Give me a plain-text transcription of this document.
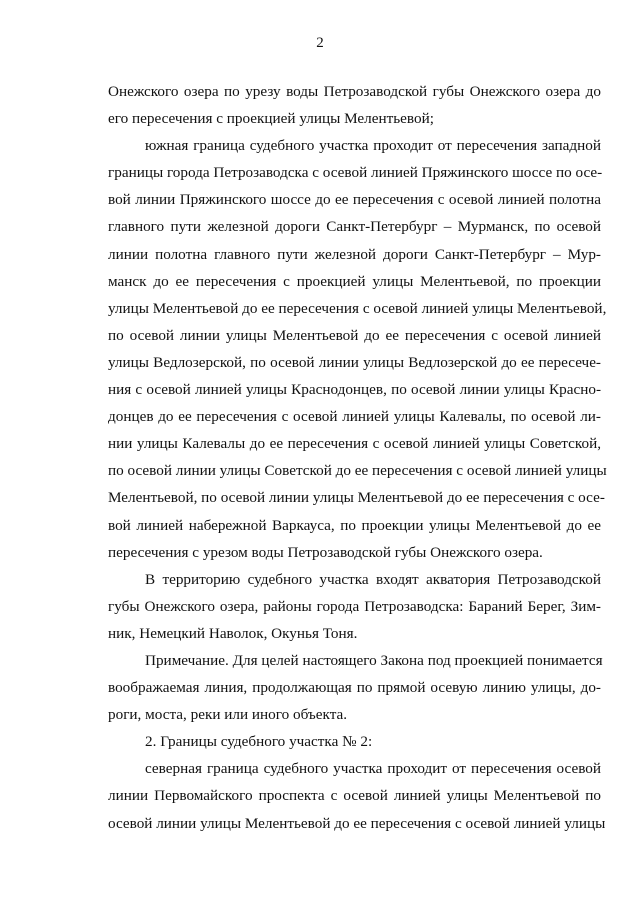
2
Онежского озера по урезу воды Петрозаводской губы Онежского озера до
его пересечения с проекцией улицы Мелентьевой;
южная граница судебного участка проходит от пересечения западной
границы города Петрозаводска с осевой линией Пряжинского шоссе по осе-
вой линии Пряжинского шоссе до ее пересечения с осевой линией полотна
главного пути железной дороги Санкт-Петербург – Мурманск, по осевой
линии полотна главного пути железной дороги Санкт-Петербург – Мур-
манск до ее пересечения с проекцией улицы Мелентьевой, по проекции
улицы Мелентьевой до ее пересечения с осевой линией улицы Мелентьевой,
по осевой линии улицы Мелентьевой до ее пересечения с осевой линией
улицы Ведлозерской, по осевой линии улицы Ведлозерской до ее пересече-
ния с осевой линией улицы Краснодонцев, по осевой линии улицы Красно-
донцев до ее пересечения с осевой линией улицы Калевалы, по осевой ли-
нии улицы Калевалы до ее пересечения с осевой линией улицы Советской,
по осевой линии улицы Советской до ее пересечения с осевой линией улицы
Мелентьевой, по осевой линии улицы Мелентьевой до ее пересечения с осе-
вой линией набережной Варкауса, по проекции улицы Мелентьевой до ее
пересечения с урезом воды Петрозаводской губы Онежского озера.
В территорию судебного участка входят акватория Петрозаводской
губы Онежского озера, районы города Петрозаводска: Бараний Берег, Зим-
ник, Немецкий Наволок, Окунья Тоня.
Примечание. Для целей настоящего Закона под проекцией понимается
воображаемая линия, продолжающая по прямой осевую линию улицы, до-
роги, моста, реки или иного объекта.
2. Границы судебного участка № 2:
северная граница судебного участка проходит от пересечения осевой
линии Первомайского проспекта с осевой линией улицы Мелентьевой по
осевой линии улицы Мелентьевой до ее пересечения с осевой линией улицы
